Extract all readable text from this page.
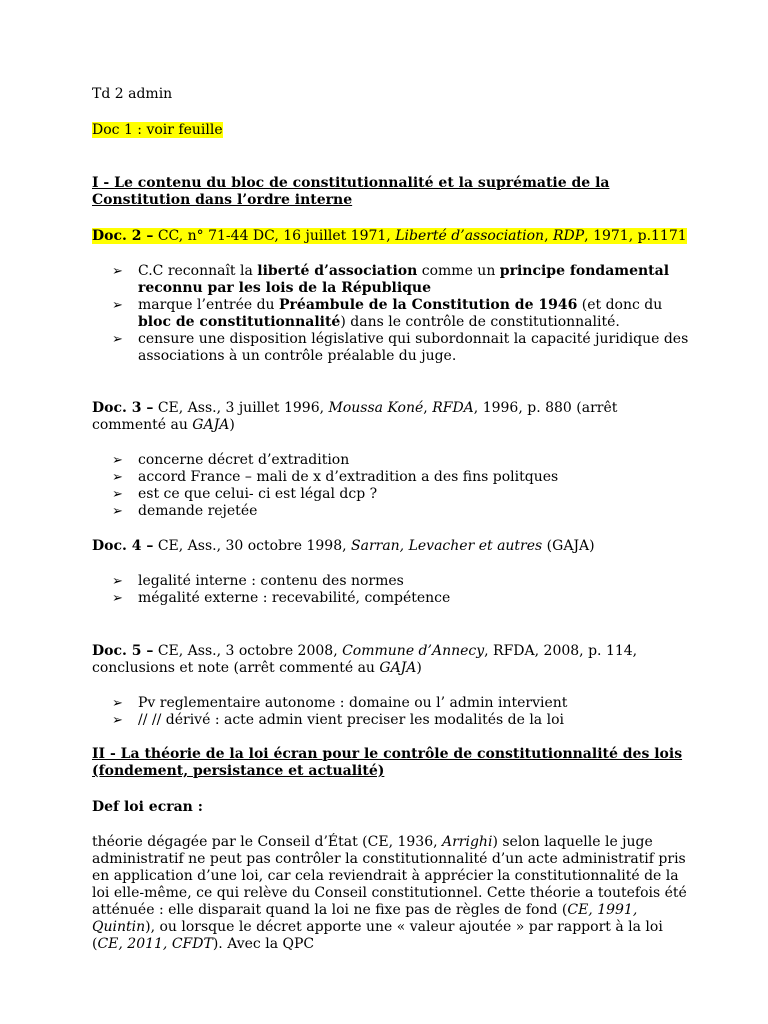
Td 2 admin

Doc 1 : voir feuille

I - Le contenu du bloc de constitutionnalité et la suprématie de la Constitution dans l’ordre interne

Doc. 2 – CC, n° 71-44 DC, 16 juillet 1971, Liberté d’association, RDP, 1971, p.1171

➢ C.C reconnaît la liberté d’association comme un principe fondamental reconnu par les lois de la République
➢ marque l’entrée du Préambule de la Constitution de 1946 (et donc du bloc de constitutionnalité) dans le contrôle de constitutionnalité.
➢ censure une disposition législative qui subordonnait la capacité juridique des associations à un contrôle préalable du juge.

Doc. 3 – CE, Ass., 3 juillet 1996, Moussa Koné, RFDA, 1996, p. 880 (arrêt commenté au GAJA)

➢ concerne décret d’extradition
➢ accord France – mali de x d’extradition a des fins politques
➢ est ce que celui- ci est légal dcp ?
➢ demande rejetée

Doc. 4 – CE, Ass., 30 octobre 1998, Sarran, Levacher et autres (GAJA)

➢ legalité interne : contenu des normes
➢ mégalité externe : recevabilité, compétence

Doc. 5 – CE, Ass., 3 octobre 2008, Commune d’Annecy, RFDA, 2008, p. 114, conclusions et note (arrêt commenté au GAJA)

➢ Pv reglementaire autonome : domaine ou l’ admin intervient
➢ // // dérivé : acte admin vient preciser les modalités de la loi

II - La théorie de la loi écran pour le contrôle de constitutionnalité des lois (fondement, persistance et actualité)

Def loi ecran :

théorie dégagée par le Conseil d’État (CE, 1936, Arrighi) selon laquelle le juge administratif ne peut pas contrôler la constitutionnalité d’un acte administratif pris en application d’une loi, car cela reviendrait à apprécier la constitutionnalité de la loi elle-même, ce qui relève du Conseil constitutionnel. Cette théorie a toutefois été atténuée : elle disparait quand la loi ne fixe pas de règles de fond (CE, 1991, Quintin), ou lorsque le décret apporte une « valeur ajoutée » par rapport à la loi (CE, 2011, CFDT). Avec la QPC
